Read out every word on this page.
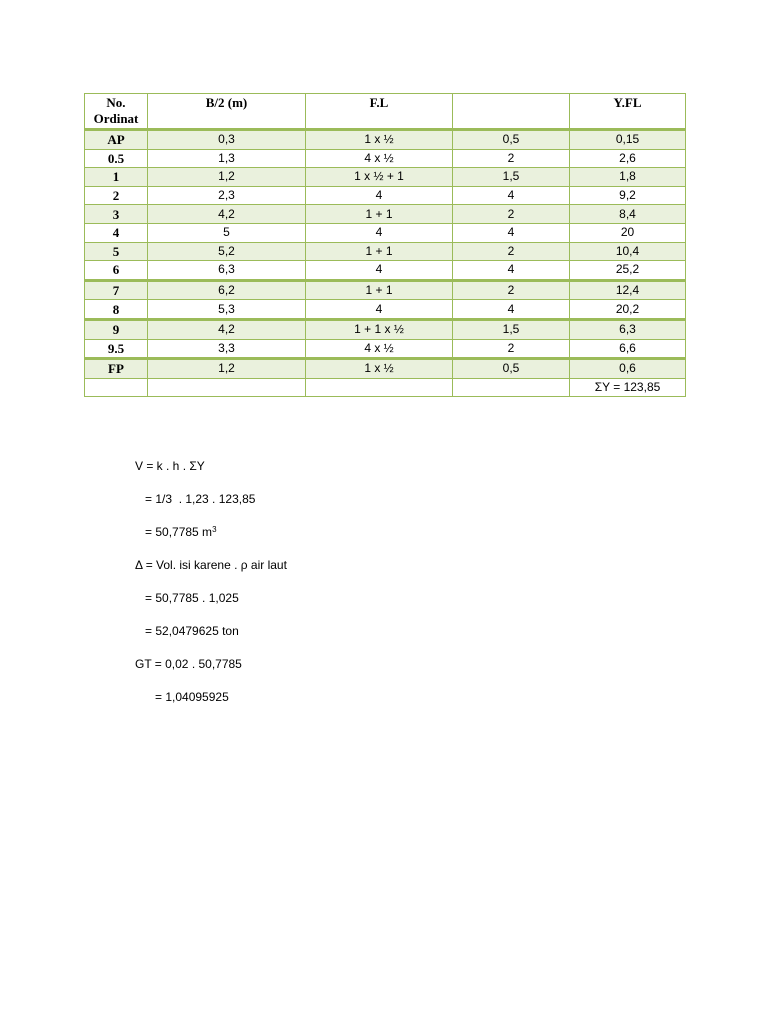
No.
Ordinat	B/2 (m)	F.L		Y.FL
AP	0,3	1 x ½	0,5	0,15
0.5	1,3	4 x ½	2	2,6
1	1,2	1 x ½ + 1	1,5	1,8
2	2,3	4	4	9,2
3	4,2	1 + 1	2	8,4
4	5	4	4	20
5	5,2	1 + 1	2	10,4
6	6,3	4	4	25,2
7	6,2	1 + 1	2	12,4
8	5,3	4	4	20,2
9	4,2	1 + 1 x ½	1,5	6,3
9.5	3,3	4 x ½	2	6,6
FP	1,2	1 x ½	0,5	0,6
				ΣY = 123,85
V = k . h . ΣY
= 1/3  . 1,23 . 123,85
= 50,7785 $m^3$
Δ = Vol. isi karene . ρ air laut
= 50,7785 . 1,025
= 52,0479625 ton
GT = 0,02 . 50,7785
= 1,04095925
